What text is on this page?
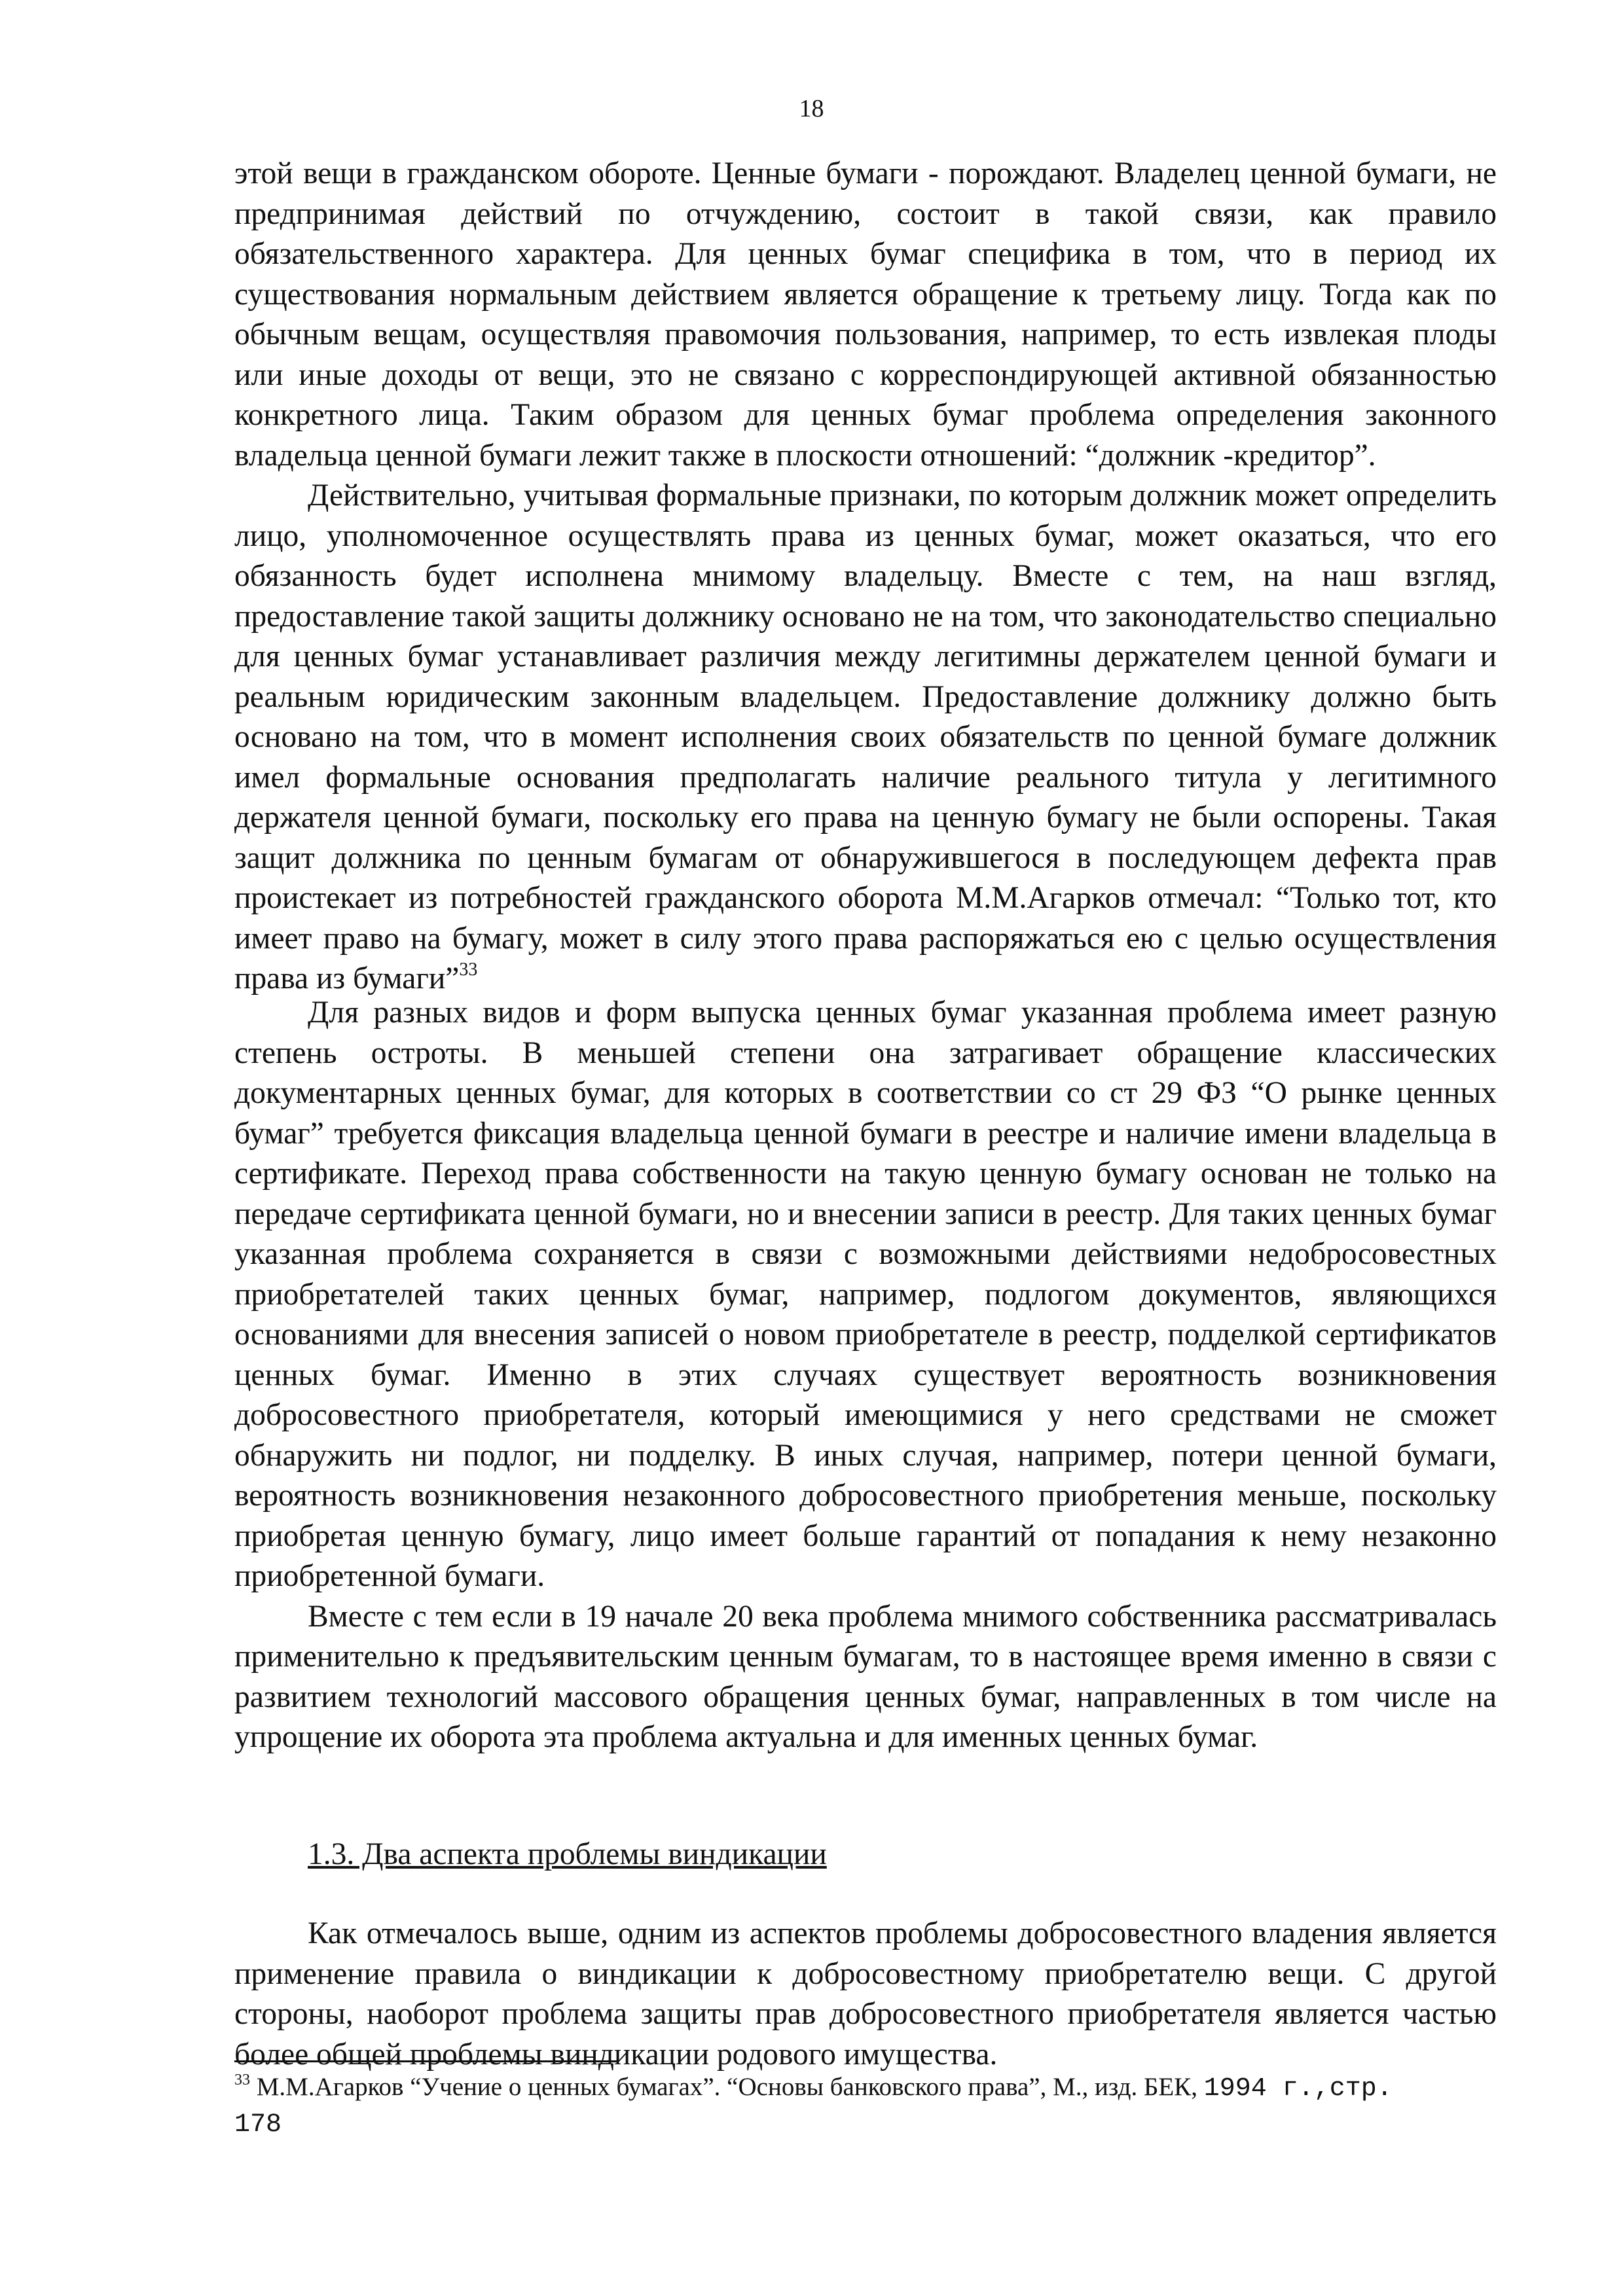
18

этой вещи в гражданском обороте. Ценные бумаги - порождают. Владелец ценной бумаги, не предпринимая действий по отчуждению, состоит в такой связи, как правило обязательственного характера. Для ценных бумаг специфика в том, что в период их существования нормальным действием является обращение к третьему лицу. Тогда как по обычным вещам, осуществляя правомочия пользования, например, то есть извлекая плоды или иные доходы от вещи, это не связано с корреспондирующей активной обязанностью конкретного лица. Таким образом для ценных бумаг проблема определения законного владельца ценной бумаги лежит также в плоскости отношений: “должник -кредитор”.

Действительно, учитывая формальные признаки, по которым должник может определить лицо, уполномоченное осуществлять права из ценных бумаг, может оказаться, что его обязанность будет исполнена мнимому владельцу. Вместе с тем, на наш взгляд, предоставление такой защиты должнику основано не на том, что законодательство специально для ценных бумаг устанавливает различия между легитимны держателем ценной бумаги и реальным юридическим законным владельцем. Предоставление должнику должно быть основано на том, что в момент исполнения своих обязательств по ценной бумаге должник имел формальные основания предполагать наличие реального титула у легитимного держателя ценной бумаги, поскольку его права на ценную бумагу не были оспорены. Такая защит должника по ценным бумагам от обнаружившегося в последующем дефекта прав проистекает из потребностей гражданского оборота М.М.Агарков отмечал: “Только тот, кто имеет право на бумагу, может в силу этого права распоряжаться ею с целью осуществления права из бумаги”$^{33}$

Для разных видов и форм выпуска ценных бумаг указанная проблема имеет разную степень остроты. В меньшей степени она затрагивает обращение классических документарных ценных бумаг, для которых в соответствии со ст 29 ФЗ “О рынке ценных бумаг” требуется фиксация владельца ценной бумаги в реестре и наличие имени владельца в сертификате. Переход права собственности на такую ценную бумагу основан не только на передаче сертификата ценной бумаги, но и внесении записи в реестр. Для таких ценных бумаг указанная проблема сохраняется в связи с возможными действиями недобросовестных приобретателей таких ценных бумаг, например, подлогом документов, являющихся основаниями для внесения записей о новом приобретателе в реестр, подделкой сертификатов ценных бумаг. Именно в этих случаях существует вероятность возникновения добросовестного приобретателя, который имеющимися у него средствами не сможет обнаружить ни подлог, ни подделку. В иных случая, например, потери ценной бумаги, вероятность возникновения незаконного добросовестного приобретения меньше, поскольку приобретая ценную бумагу, лицо имеет больше гарантий от попадания к нему незаконно приобретенной бумаги.

Вместе с тем если в 19 начале 20 века проблема мнимого собственника рассматривалась применительно к предъявительским ценным бумагам, то в настоящее время именно в связи с развитием технологий массового обращения ценных бумаг, направленных в том числе на упрощение их оборота эта проблема актуальна и для именных ценных бумаг.

1.3. Два аспекта проблемы виндикации

Как отмечалось выше, одним из аспектов проблемы добросовестного владения является применение правила о виндикации к добросовестному приобретателю вещи. С другой стороны, наоборот проблема защиты прав добросовестного приобретателя является частью более общей проблемы виндикации родового имущества.

$^{33}$ М.М.Агарков “Учение о ценных бумагах”. “Основы банковского права”, М., изд. БЕК, 1994 г.,стр.
178
